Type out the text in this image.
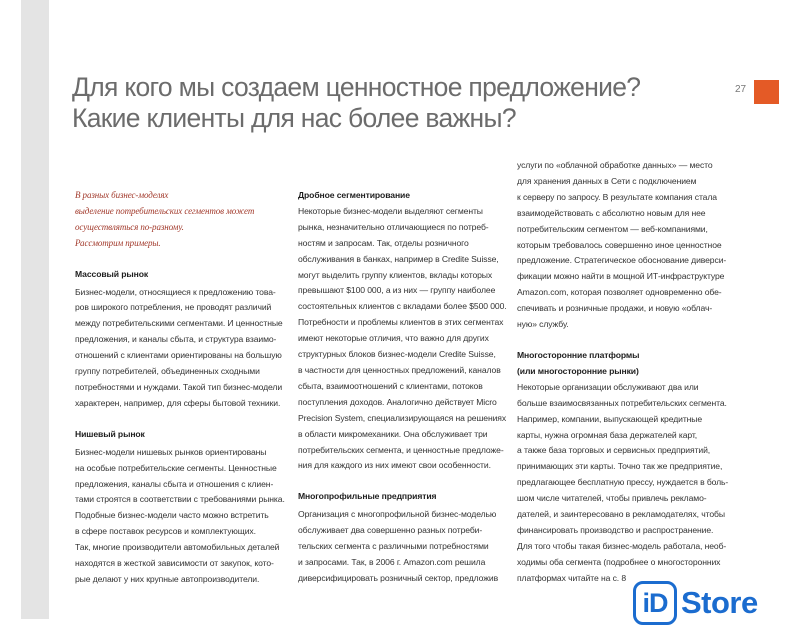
Для кого мы создаем ценностное предложение?
Какие клиенты для нас более важны?

27

В разных бизнес-моделях
выделение потребительских сегментов может
осуществляться по-разному.
Рассмотрим примеры.
Массовый рынок
Бизнес-модели, относящиеся к предложению това-
ров широкого потребления, не проводят различий
между потребительскими сегментами. И ценностные
предложения, и каналы сбыта, и структура взаимо-
отношений с клиентами ориентированы на большую
группу потребителей, объединенных сходными
потребностями и нуждами. Такой тип бизнес-модели
характерен, например, для сферы бытовой техники.
Нишевый рынок
Бизнес-модели нишевых рынков ориентированы
на особые потребительские сегменты. Ценностные
предложения, каналы сбыта и отношения с клиен-
тами строятся в соответствии с требованиями рынка.
Подобные бизнес-модели часто можно встретить
в сфере поставок ресурсов и комплектующих.
Так, многие производители автомобильных деталей
находятся в жесткой зависимости от закупок, кото-
рые делают у них крупные автопроизводители.
Дробное сегментирование
Некоторые бизнес-модели выделяют сегменты
рынка, незначительно отличающиеся по потреб-
ностям и запросам. Так, отделы розничного
обслуживания в банках, например в Credite Suisse,
могут выделить группу клиентов, вклады которых
превышают $100 000, а из них — группу наиболее
состоятельных клиентов с вкладами более $500 000.
Потребности и проблемы клиентов в этих сегментах
имеют некоторые отличия, что важно для других
структурных блоков бизнес-модели Credite Suisse,
в частности для ценностных предложений, каналов
сбыта, взаимоотношений с клиентами, потоков
поступления доходов. Аналогично действует Micro
Precision System, специализирующаяся на решениях
в области микромеханики. Она обслуживает три
потребительских сегмента, и ценностные предложе-
ния для каждого из них имеют свои особенности.
Многопрофильные предприятия
Организация с многопрофильной бизнес-моделью
обслуживает два совершенно разных потреби-
тельских сегмента с различными потребностями
и запросами. Так, в 2006 г. Amazon.com решила
диверсифицировать розничный сектор, предложив
услуги по «облачной обработке данных» — место
для хранения данных в Сети с подключением
к серверу по запросу. В результате компания стала
взаимодействовать с абсолютно новым для нее
потребительским сегментом — веб-компаниями,
которым требовалось совершенно иное ценностное
предложение. Стратегическое обоснование диверси-
фикации можно найти в мощной ИТ-инфраструктуре
Amazon.com, которая позволяет одновременно обе-
спечивать и розничные продажи, и новую «облач-
ную» службу.
Многосторонние платформы
(или многосторонние рынки)
Некоторые организации обслуживают два или
больше взаимосвязанных потребительских сегмента.
Например, компании, выпускающей кредитные
карты, нужна огромная база держателей карт,
а также база торговых и сервисных предприятий,
принимающих эти карты. Точно так же предприятие,
предлагающее бесплатную прессу, нуждается в боль-
шом числе читателей, чтобы привлечь рекламо-
дателей, и заинтересовано в рекламодателях, чтобы
финансировать производство и распространение.
Для того чтобы такая бизнес-модель работала, необ-
ходимы оба сегмента (подробнее о многосторонних
платформах читайте на с. 8
iD Store
